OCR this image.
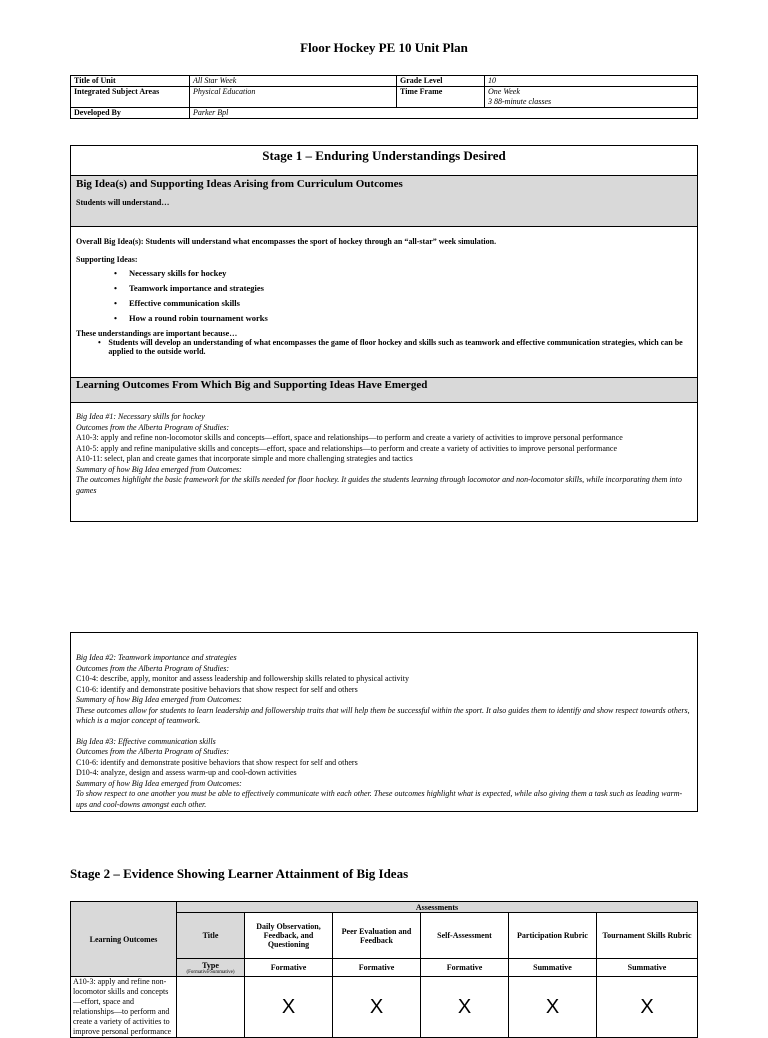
Floor Hockey PE 10 Unit Plan
Title of Unit	All Star Week	Grade Level	10
Integrated Subject Areas	Physical Education	Time Frame	One Week
3 88-minute classes

Developed By	Parker Bpl		
Stage 1 – Enduring Understandings Desired
Big Idea(s) and Supporting Ideas Arising from Curriculum Outcomes
Students will understand…
Overall Big Idea(s): Students will understand what encompasses the sport of hockey through an “all-star” week simulation.
Supporting Ideas:
• Necessary skills for hockey
• Teamwork importance and strategies
• Effective communication skills
• How a round robin tournament works
These understandings are important because…
• Students will develop an understanding of what encompasses the game of floor hockey and skills such as teamwork and effective communication strategies, which can be applied to the outside world.
Learning Outcomes From Which Big and Supporting Ideas Have Emerged
Big Idea #1: Necessary skills for hockey
Outcomes from the Alberta Program of Studies:
A10-3: apply and refine non-locomotor skills and concepts—effort, space and relationships—to perform and create a variety of activities to improve personal performance
A10-5: apply and refine manipulative skills and concepts—effort, space and relationships—to perform and create a variety of activities to improve personal performance
A10-11: select, plan and create games that incorporate simple and more challenging strategies and tactics
Summary of how Big Idea emerged from Outcomes:
The outcomes highlight the basic framework for the skills needed for floor hockey. It guides the students learning through locomotor and non-locomotor skills, while incorporating them into games
Big Idea #2: Teamwork importance and strategies
Outcomes from the Alberta Program of Studies:
C10-4: describe, apply, monitor and assess leadership and followership skills related to physical activity
C10-6: identify and demonstrate positive behaviors that show respect for self and others
Summary of how Big Idea emerged from Outcomes:
These outcomes allow for students to learn leadership and followership traits that will help them be successful within the sport. It also guides them to identify and show respect towards others, which is a major concept of teamwork.
Big Idea #3: Effective communication skills
Outcomes from the Alberta Program of Studies:
C10-6: identify and demonstrate positive behaviors that show respect for self and others
D10-4: analyze, design and assess warm-up and cool-down activities
Summary of how Big Idea emerged from Outcomes:
To show respect to one another you must be able to effectively communicate with each other. These outcomes highlight what is expected, while also giving them a task such as leading warm-ups and cool-downs amongst each other.
Stage 2 – Evidence Showing Learner Attainment of Big Ideas
Learning Outcomes	Assessments					
	Title	Daily Observation, Feedback, and Questioning	Peer Evaluation and Feedback	Self-Assessment	Participation Rubric	Tournament Skills Rubric
	Type
(Formative/Summative)	Formative	Formative	Formative	Summative	Summative
A10-3: apply and refine non-locomotor skills and concepts—effort, space and relationships—to perform and create a variety of activities to improve personal performance		X	X	X	X	X
